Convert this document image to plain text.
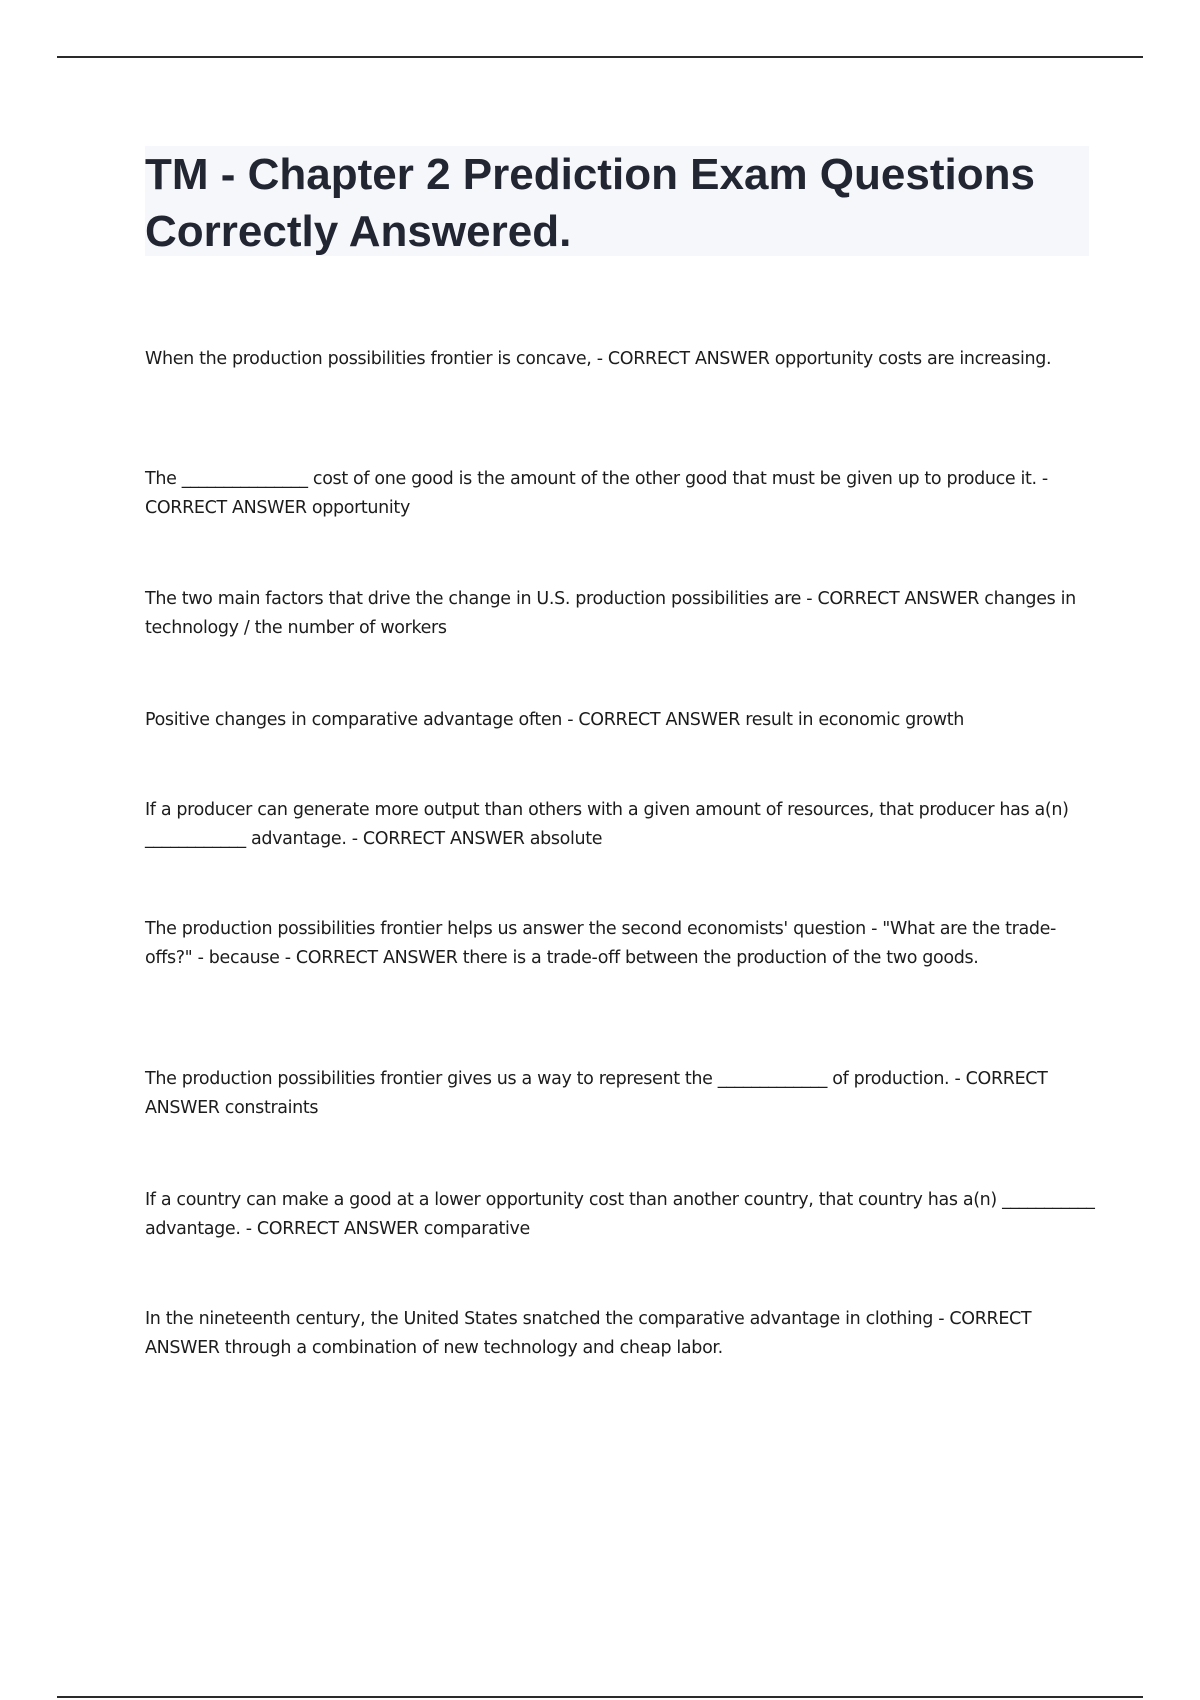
TM - Chapter 2 Prediction Exam Questions Correctly Answered.

When the production possibilities frontier is concave, - CORRECT ANSWER opportunity costs are increasing.

The _______________ cost of one good is the amount of the other good that must be given up to produce it. - CORRECT ANSWER opportunity

The two main factors that drive the change in U.S. production possibilities are - CORRECT ANSWER changes in technology / the number of workers

Positive changes in comparative advantage often - CORRECT ANSWER result in economic growth

If a producer can generate more output than others with a given amount of resources, that producer has a(n) ____________ advantage. - CORRECT ANSWER absolute

The production possibilities frontier helps us answer the second economists' question - "What are the trade-offs?" - because - CORRECT ANSWER there is a trade-off between the production of the two goods.

The production possibilities frontier gives us a way to represent the _____________ of production. - CORRECT ANSWER constraints

If a country can make a good at a lower opportunity cost than another country, that country has a(n) ___________ advantage. - CORRECT ANSWER comparative

In the nineteenth century, the United States snatched the comparative advantage in clothing - CORRECT ANSWER through a combination of new technology and cheap labor.
